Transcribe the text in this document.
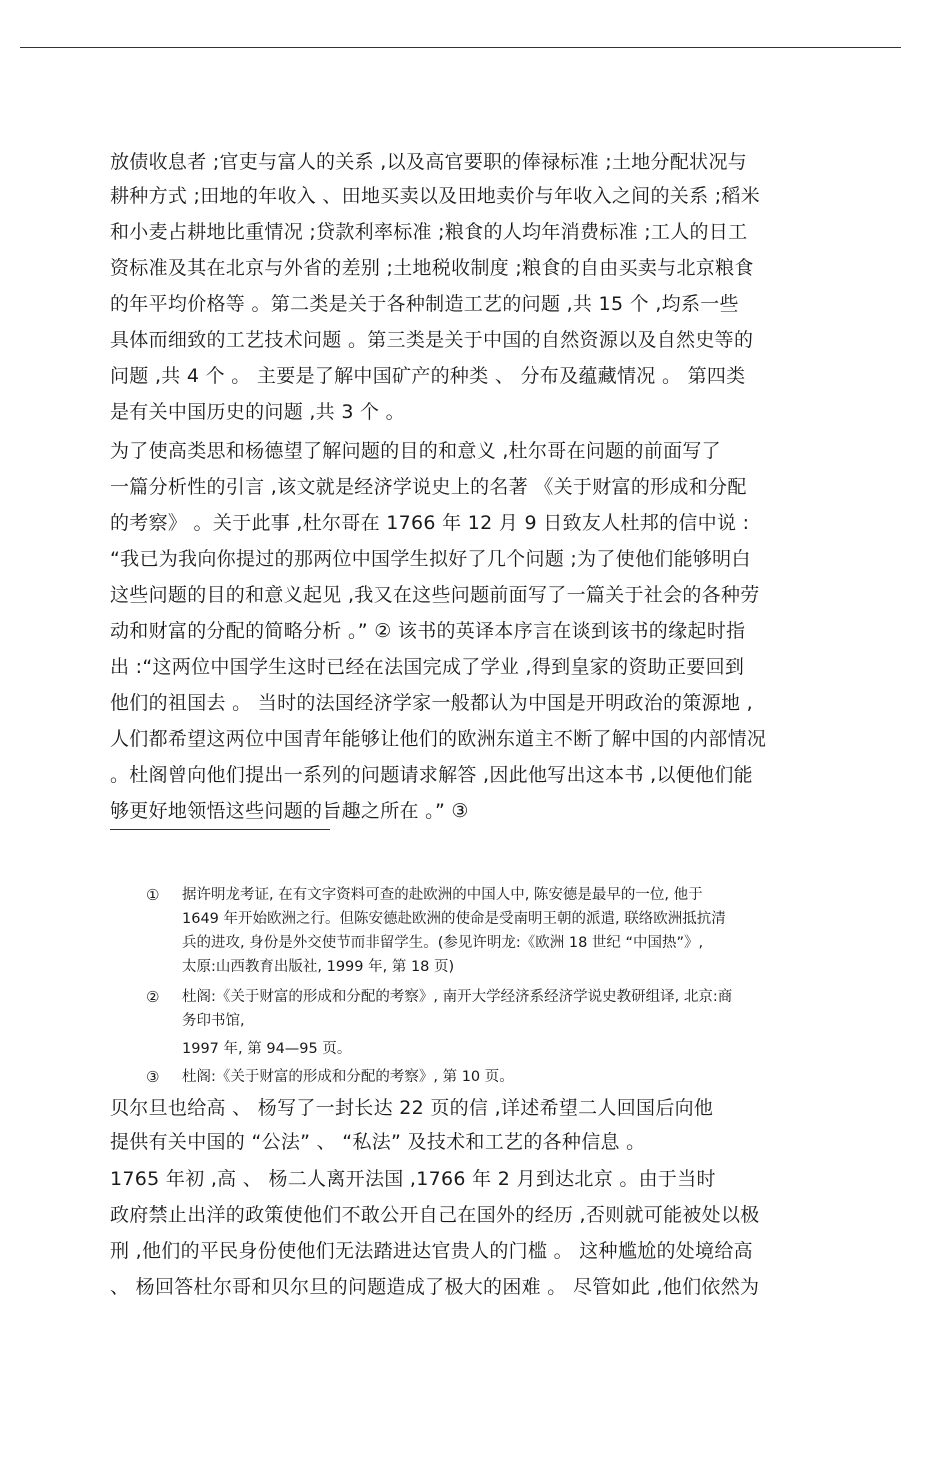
放债收息者 ;官吏与富人的关系 ,以及高官要职的俸禄标准 ;土地分配状况与
耕种方式 ;田地的年收入 、田地买卖以及田地卖价与年收入之间的关系 ;稻米
和小麦占耕地比重情况 ;贷款利率标准 ;粮食的人均年消费标准 ;工人的日工
资标准及其在北京与外省的差别 ;土地税收制度 ;粮食的自由买卖与北京粮食
的年平均价格等 。第二类是关于各种制造工艺的问题 ,共 15 个 ,均系一些
具体而细致的工艺技术问题 。第三类是关于中国的自然资源以及自然史等的
问题 ,共 4 个 。 主要是了解中国矿产的种类 、 分布及蕴藏情况 。 第四类
是有关中国历史的问题 ,共 3 个 。
为了使高类思和杨德望了解问题的目的和意义 ,杜尔哥在问题的前面写了
一篇分析性的引言 ,该文就是经济学说史上的名著 《关于财富的形成和分配
的考察》 。关于此事 ,杜尔哥在 1766 年 12 月 9 日致友人杜邦的信中说 :
“我已为我向你提过的那两位中国学生拟好了几个问题 ;为了使他们能够明白
这些问题的目的和意义起见 ,我又在这些问题前面写了一篇关于社会的各种劳
动和财富的分配的简略分析 。” ② 该书的英译本序言在谈到该书的缘起时指
出 :“这两位中国学生这时已经在法国完成了学业 ,得到皇家的资助正要回到
他们的祖国去 。 当时的法国经济学家一般都认为中国是开明政治的策源地 ,
人们都希望这两位中国青年能够让他们的欧洲东道主不断了解中国的内部情况
。杜阁曾向他们提出一系列的问题请求解答 ,因此他写出这本书 ,以便他们能
够更好地领悟这些问题的旨趣之所在 。” ③
① 据许明龙考证, 在有文字资料可查的赴欧洲的中国人中, 陈安德是最早的一位, 他于
1649 年开始欧洲之行。但陈安德赴欧洲的使命是受南明王朝的派遣, 联络欧洲抵抗清
兵的进攻, 身份是外交使节而非留学生。(参见许明龙:《欧洲 18 世纪 “中国热”》,
太原:山西教育出版社, 1999 年, 第 18 页)
② 杜阁:《关于财富的形成和分配的考察》, 南开大学经济系经济学说史教研组译, 北京:商
务印书馆,
1997 年, 第 94—95 页。
③ 杜阁:《关于财富的形成和分配的考察》, 第 10 页。
贝尔旦也给高 、 杨写了一封长达 22 页的信 ,详述希望二人回国后向他
提供有关中国的 “公法” 、 “私法” 及技术和工艺的各种信息 。
1765 年初 ,高 、 杨二人离开法国 ,1766 年 2 月到达北京 。由于当时
政府禁止出洋的政策使他们不敢公开自己在国外的经历 ,否则就可能被处以极
刑 ,他们的平民身份使他们无法踏进达官贵人的门槛 。 这种尴尬的处境给高
、 杨回答杜尔哥和贝尔旦的问题造成了极大的困难 。 尽管如此 ,他们依然为
